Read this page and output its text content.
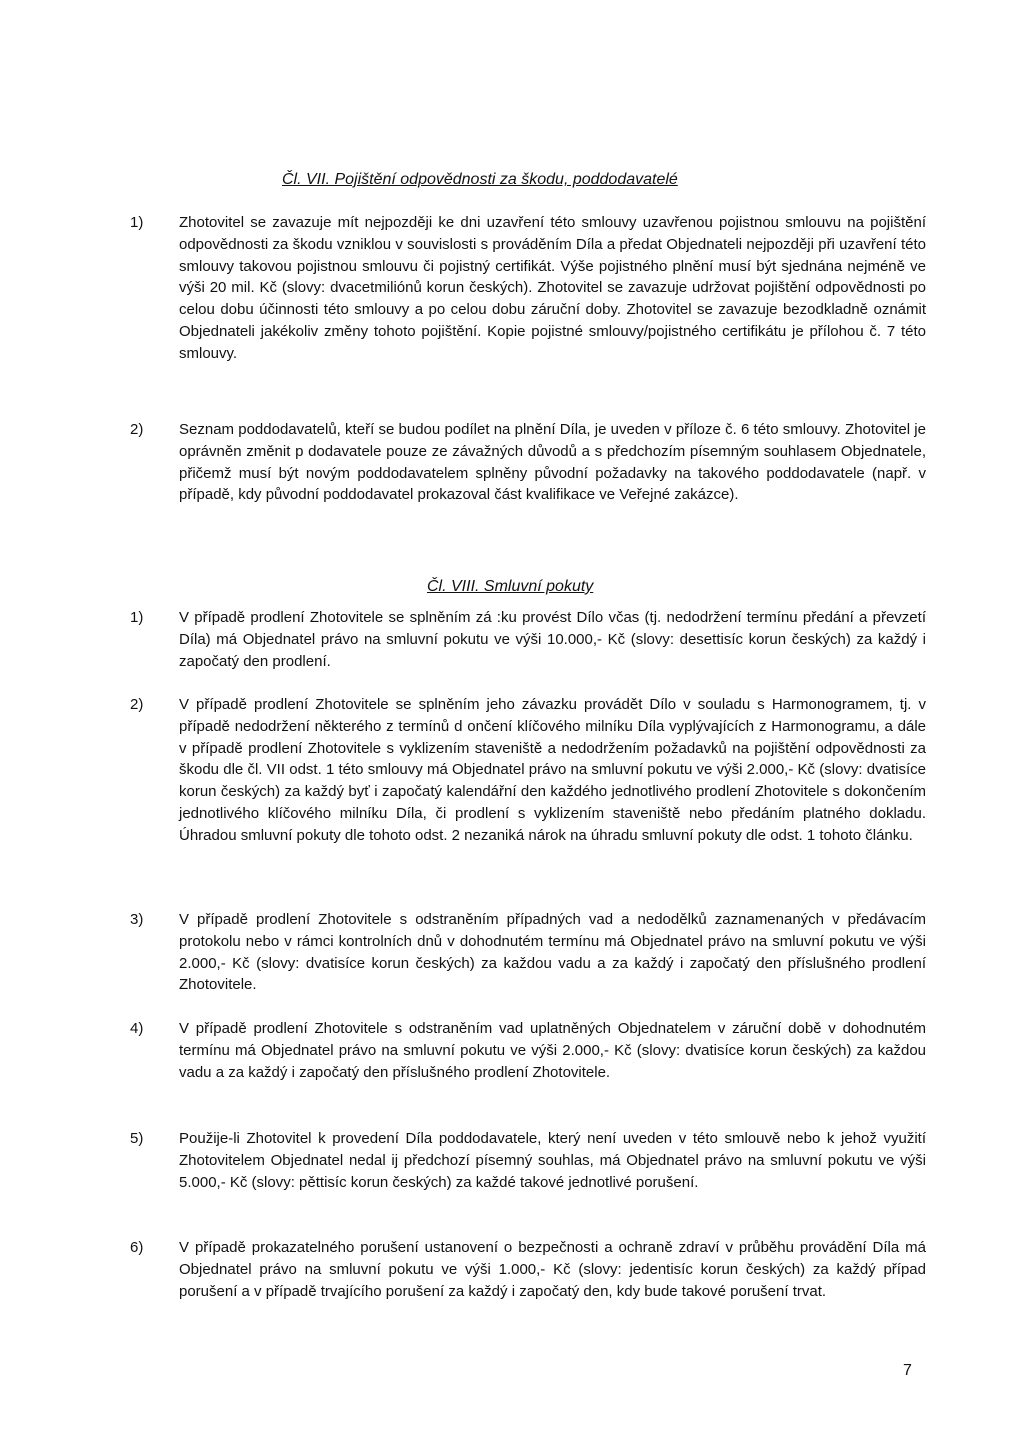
Čl. VII. Pojištění odpovědnosti za škodu, poddodavatelé
1)	Zhotovitel se zavazuje mít nejpozději ke dni uzavření této smlouvy uzavřenou pojistnou smlouvu na pojištění odpovědnosti za škodu vzniklou v souvislosti s prováděním Díla a předat Objednateli nejpozději při uzavření této smlouvy takovou pojistnou smlouvu či pojistný certifikát. Výše pojistného plnění musí být sjednána nejméně ve výši 20 mil. Kč (slovy: dvacetmiliónů korun českých). Zhotovitel se zavazuje udržovat pojištění odpovědnosti po celou dobu účinnosti této smlouvy a po celou dobu záruční doby. Zhotovitel se zavazuje bezodkladně oznámit Objednateli jakékoliv změny tohoto pojištění. Kopie pojistné smlouvy/pojistného certifikátu je přílohou č. 7 této smlouvy.
2)	Seznam poddodavatelů, kteří se budou podílet na plnění Díla, je uveden v příloze č. 6 této smlouvy. Zhotovitel je oprávněn změnit p dodavatele pouze ze závažných důvodů a s předchozím písemným souhlasem Objednatele, přičemž musí být novým poddodavatelem splněny původní požadavky na takového poddodavatele (např. v případě, kdy původní poddodavatel prokazoval část kvalifikace ve Veřejné zakázce).
Čl. VIII. Smluvní pokuty
1)	V případě prodlení Zhotovitele se splněním zá :ku provést Dílo včas (tj. nedodržení termínu předání a převzetí Díla) má Objednatel právo na smluvní pokutu ve výši 10.000,- Kč (slovy: desettisíc korun českých) za každý i započatý den prodlení.
2)	V případě prodlení Zhotovitele se splněním jeho závazku provádět Dílo v souladu s Harmonogramem, tj. v případě nedodržení některého z termínů d ončení klíčového milníku Díla vyplývajících z Harmonogramu, a dále v případě prodlení Zhotovitele s vyklizením staveniště a nedodržením požadavků na pojištění odpovědnosti za škodu dle čl. VII odst. 1 této smlouvy má Objednatel právo na smluvní pokutu ve výši 2.000,- Kč (slovy: dvatisíce korun českých) za každý byť i započatý kalendářní den každého jednotlivého prodlení Zhotovitele s dokončením jednotlivého klíčového milníku Díla, či prodlení s vyklizením staveniště nebo předáním platného dokladu. Úhradou smluvní pokuty dle tohoto odst. 2 nezaniká nárok na úhradu smluvní pokuty dle odst. 1 tohoto článku.
3)	V případě prodlení Zhotovitele s odstraněním případných vad a nedodělků zaznamenaných v předávacím protokolu nebo v rámci kontrolních dnů v dohodnutém termínu má Objednatel právo na smluvní pokutu ve výši 2.000,- Kč (slovy: dvatisíce korun českých) za každou vadu a za každý i započatý den příslušného prodlení Zhotovitele.
4)	V případě prodlení Zhotovitele s odstraněním vad uplatněných Objednatelem v záruční době v dohodnutém termínu má Objednatel právo na smluvní pokutu ve výši 2.000,- Kč (slovy: dvatisíce korun českých) za každou vadu a za každý i započatý den příslušného prodlení Zhotovitele.
5)	Použije-li Zhotovitel k provedení Díla poddodavatele, který není uveden v této smlouvě nebo k jehož využití Zhotovitelem Objednatel nedal ij předchozí písemný souhlas, má Objednatel právo na smluvní pokutu ve výši 5.000,- Kč (slovy: pěttisíc korun českých) za každé takové jednotlivé porušení.
6)	V případě prokazatelného porušení ustanovení o bezpečnosti a ochraně zdraví v průběhu provádění Díla má Objednatel právo na smluvní pokutu ve výši 1.000,- Kč (slovy: jedentisíc korun českých) za každý případ porušení a v případě trvajícího porušení za každý i započatý den, kdy bude takové porušení trvat.
7
